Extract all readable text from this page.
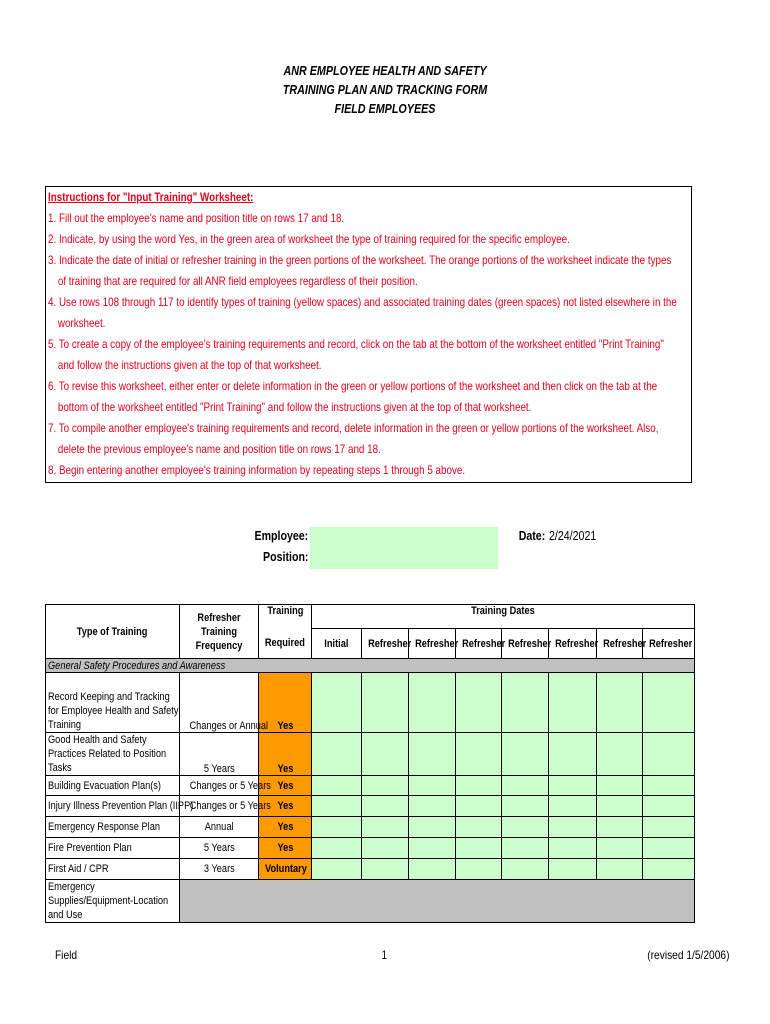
ANR EMPLOYEE HEALTH AND SAFETY
TRAINING PLAN AND TRACKING FORM
FIELD EMPLOYEES
Instructions for "Input Training" Worksheet:
1. Fill out the employee's name and position title on rows 17 and 18.
2. Indicate, by using the word Yes, in the green area of worksheet the type of training required for the specific employee.
3. Indicate the date of initial or refresher training in the green portions of the worksheet. The orange portions of the worksheet indicate the types
of training that are required for all ANR field employees regardless of their position.
4. Use rows 108 through 117 to identify types of training (yellow spaces) and associated training dates (green spaces) not listed elsewhere in the
worksheet.
5. To create a copy of the employee's training requirements and record, click on the tab at the bottom of the worksheet entitled "Print Training"
and follow the instructions given at the top of that worksheet.
6. To revise this worksheet, either enter or delete information in the green or yellow portions of the worksheet and then click on the tab at the
bottom of the worksheet entitled "Print Training" and follow the instructions given at the top of that worksheet.
7. To compile another employee's training requirements and record, delete information in the green or yellow portions of the worksheet. Also,
delete the previous employee's name and position title on rows 17 and 18.
8. Begin entering another employee's training information by repeating steps 1 through 5 above.
Employee:
Position:
Date: 2/24/2021
Type of Training	Refresher Training Frequency	Training	Training Dates							
		Required	Initial	Refresher	Refresher	Refresher	Refresher	Refresher	Refresher	Refresher
General Safety Procedures and Awareness										
Record Keeping and Tracking for Employee Health and Safety Training	Changes or Annual	Yes								
Good Health and Safety Practices Related to Position Tasks	5 Years	Yes								
Building Evacuation Plan(s)	Changes or 5 Years	Yes								
Injury Illness Prevention Plan (IIPP)	Changes or 5 Years	Yes								
Emergency Response Plan	Annual	Yes								
Fire Prevention Plan	5 Years	Yes								
First Aid / CPR	3 Years	Voluntary								
Emergency Supplies/Equipment-Location and Use										
Field	1	(revised 1/5/2006)
